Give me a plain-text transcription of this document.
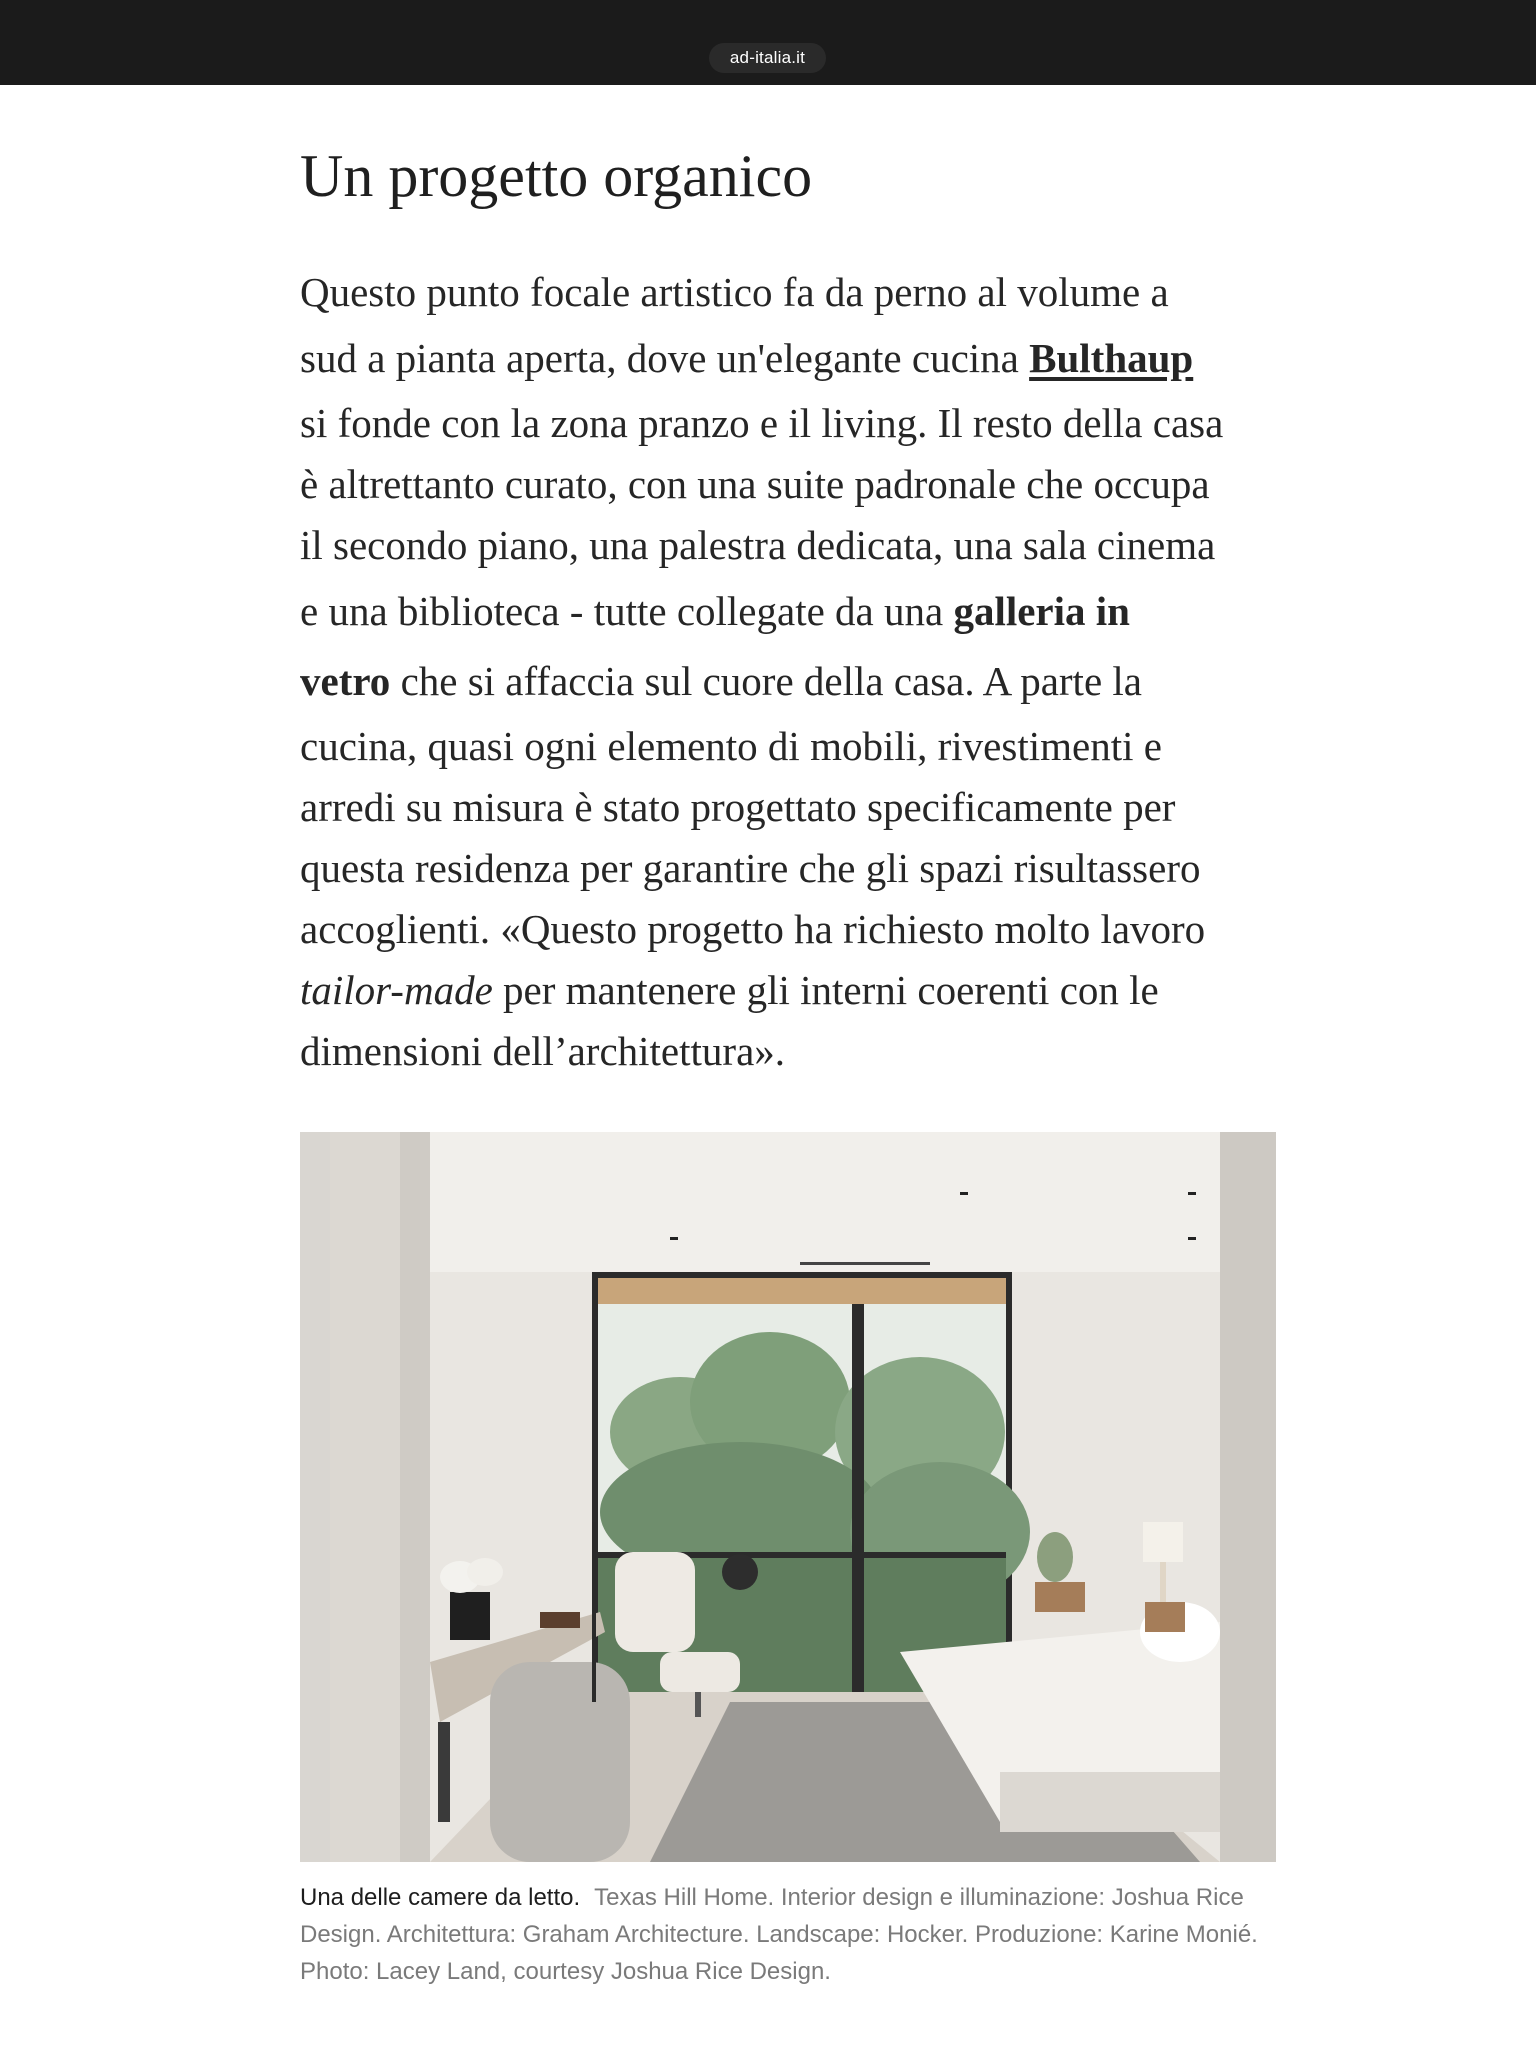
ad-italia.it
Un progetto organico
Questo punto focale artistico fa da perno al volume a
sud a pianta aperta, dove un'elegante cucina Bulthaup
si fonde con la zona pranzo e il living. Il resto della casa
è altrettanto curato, con una suite padronale che occupa
il secondo piano, una palestra dedicata, una sala cinema
e una biblioteca - tutte collegate da una galleria in
vetro che si affaccia sul cuore della casa. A parte la
cucina, quasi ogni elemento di mobili, rivestimenti e
arredi su misura è stato progettato specificamente per
questa residenza per garantire che gli spazi risultassero
accoglienti. «Questo progetto ha richiesto molto lavoro
tailor-made per mantenere gli interni coerenti con le
dimensioni dell’architettura».
Una delle camere da letto. Texas Hill Home. Interior design e illuminazione: Joshua Rice Design. Architettura: Graham Architecture. Landscape: Hocker. Produzione: Karine Monié. Photo: Lacey Land, courtesy Joshua Rice Design.
